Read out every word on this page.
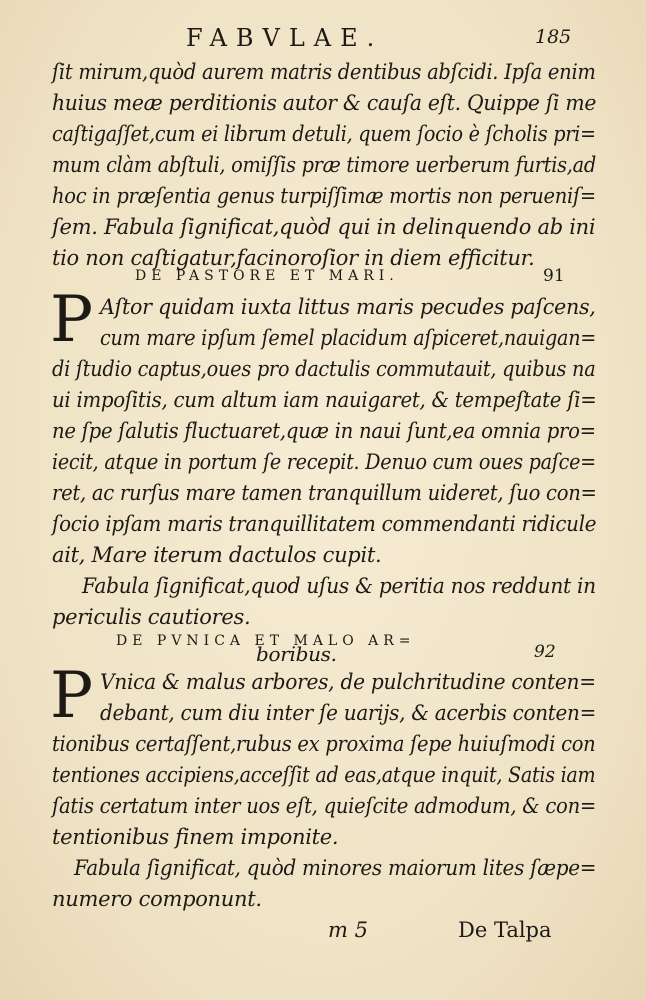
FABVLAE.	185
ſit mirum,quòd aurem matris dentibus abſcidi. Ipſa enim
huius meæ perditionis autor & cauſa eſt. Quippe ſi me
caſtigaſſet,cum ei librum detuli, quem ſocio è ſcholis pri=
mum clàm abſtuli, omiſſis præ timore uerberum furtis,ad
hoc in præſentia genus turpiſſimæ mortis non perueniſ=
ſem. Fabula ſignificat,quòd qui in delinquendo ab ini
tio non caſtigatur,facinoroſior in diem efficitur.
DE PASTORE ET MARI.	91
P Aſtor quidam iuxta littus maris pecudes paſcens,
cum mare ipſum ſemel placidum aſpiceret,nauigan=
di ſtudio captus,oues pro dactulis commutauit, quibus na
ui impoſitis, cum altum iam nauigaret, & tempeſtate ſi=
ne ſpe ſalutis fluctuaret,quæ in naui ſunt,ea omnia pro=
iecit, atque in portum ſe recepit. Denuo cum oues paſce=
ret, ac rurſus mare tamen tranquillum uideret, ſuo con=
ſocio ipſam maris tranquillitatem commendanti ridicule
ait, Mare iterum dactulos cupit.
Fabula ſignificat,quod uſus & peritia nos reddunt in
periculis cautiores.
DE PVNICA ET MALO AR=
boribus.	92
P Vnica & malus arbores, de pulchritudine conten=
debant, cum diu inter ſe uarijs, & acerbis conten=
tionibus certaſſent,rubus ex proxima ſepe huiuſmodi con
tentiones accipiens,acceſſit ad eas,atque inquit, Satis iam
ſatis certatum inter uos eſt, quieſcite admodum, & con=
tentionibus finem imponite.
Fabula ſignificat, quòd minores maiorum lites ſæpe=
numero componunt.
m 5	De Talpa
